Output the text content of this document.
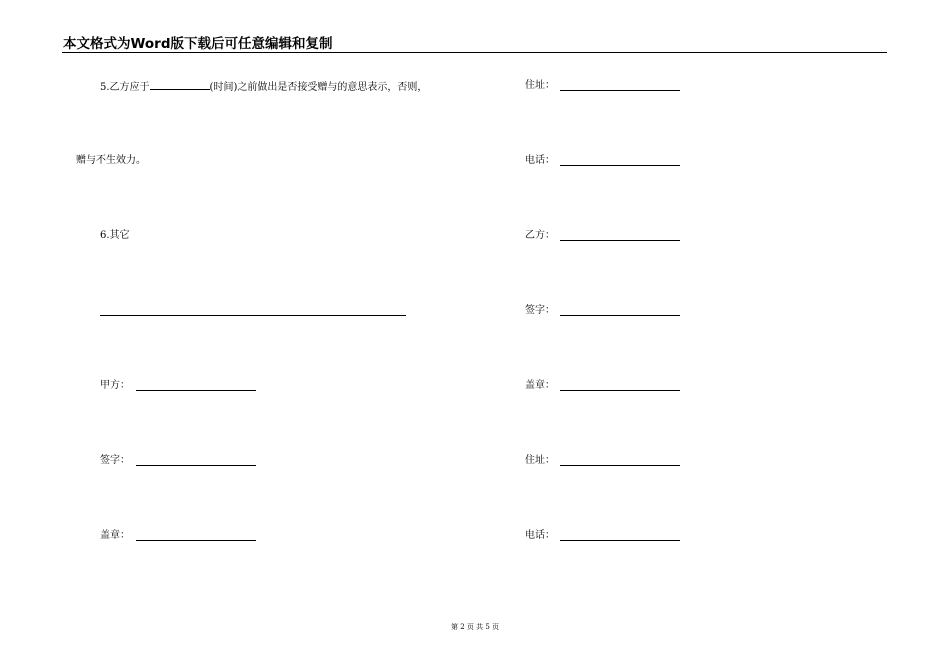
本文格式为Word版下载后可任意编辑和复制
5.乙方应于	(时间)之前做出是否接受赠与的意思表示，否则，
赠与不生效力。
6.其它
甲方：
签字：
盖章：
住址：
电话：
乙方：
签字：
盖章：
住址：
电话：
第 2 页 共 5 页
